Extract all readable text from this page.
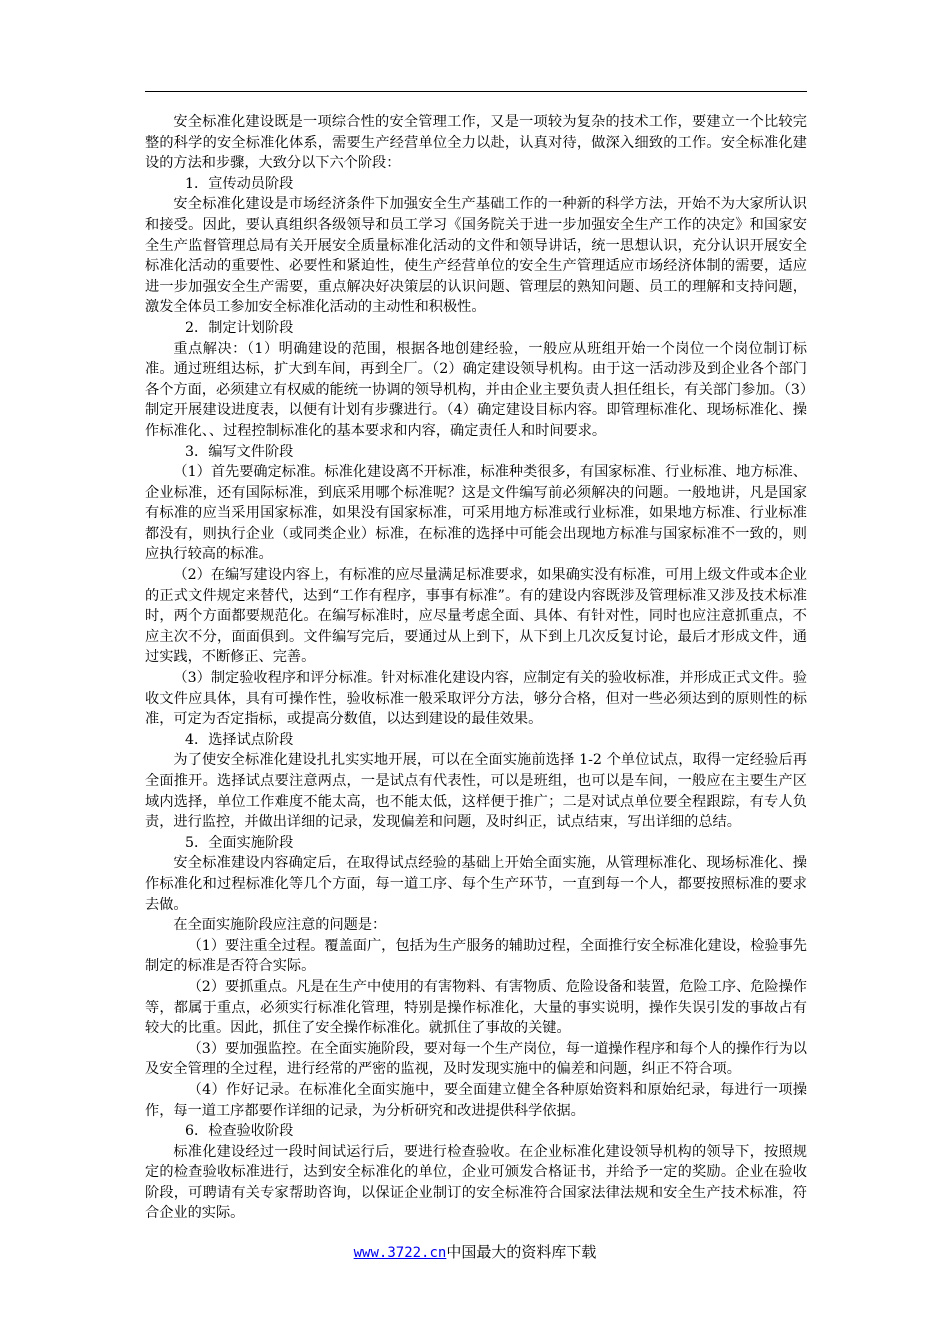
安全标准化建设既是一项综合性的安全管理工作，又是一项较为复杂的技术工作，要建立一个比较完整的科学的安全标准化体系，需要生产经营单位全力以赴，认真对待，做深入细致的工作。安全标准化建设的方法和步骤，大致分以下六个阶段：

1．宣传动员阶段

安全标准化建设是市场经济条件下加强安全生产基础工作的一种新的科学方法，开始不为大家所认识和接受。因此，要认真组织各级领导和员工学习《国务院关于进一步加强安全生产工作的决定》和国家安全生产监督管理总局有关开展安全质量标准化活动的文件和领导讲话，统一思想认识，充分认识开展安全标准化活动的重要性、必要性和紧迫性，使生产经营单位的安全生产管理适应市场经济体制的需要，适应进一步加强安全生产需要，重点解决好决策层的认识问题、管理层的熟知问题、员工的理解和支持问题，激发全体员工参加安全标准化活动的主动性和积极性。

2．制定计划阶段

重点解决：（1）明确建设的范围，根据各地创建经验，一般应从班组开始一个岗位一个岗位制订标准。通过班组达标，扩大到车间，再到全厂。（2）确定建设领导机构。由于这一活动涉及到企业各个部门各个方面，必须建立有权威的能统一协调的领导机构，并由企业主要负责人担任组长，有关部门参加。（3）制定开展建设进度表，以便有计划有步骤进行。（4）确定建设目标内容。即管理标准化、现场标准化、操作标准化、、过程控制标准化的基本要求和内容，确定责任人和时间要求。

3．编写文件阶段

（1）首先要确定标准。标准化建设离不开标准，标准种类很多，有国家标准、行业标准、地方标准、企业标准，还有国际标准，到底采用哪个标准呢？这是文件编写前必须解决的问题。一般地讲，凡是国家有标准的应当采用国家标准，如果没有国家标准，可采用地方标准或行业标准，如果地方标准、行业标准都没有，则执行企业（或同类企业）标准，在标准的选择中可能会出现地方标准与国家标准不一致的，则应执行较高的标准。

（2）在编写建设内容上，有标准的应尽量满足标准要求，如果确实没有标准，可用上级文件或本企业的正式文件规定来替代，达到“工作有程序，事事有标准”。有的建设内容既涉及管理标准又涉及技术标准时，两个方面都要规范化。在编写标准时，应尽量考虑全面、具体、有针对性，同时也应注意抓重点，不应主次不分，面面俱到。文件编写完后，要通过从上到下，从下到上几次反复讨论，最后才形成文件，通过实践，不断修正、完善。

（3）制定验收程序和评分标准。针对标准化建设内容，应制定有关的验收标准，并形成正式文件。验收文件应具体，具有可操作性，验收标准一般采取评分方法，够分合格，但对一些必须达到的原则性的标准，可定为否定指标，或提高分数值，以达到建设的最佳效果。

4．选择试点阶段

为了使安全标准化建设扎扎实实地开展，可以在全面实施前选择 1-2 个单位试点，取得一定经验后再全面推开。选择试点要注意两点，一是试点有代表性，可以是班组，也可以是车间，一般应在主要生产区域内选择，单位工作难度不能太高，也不能太低，这样便于推广；二是对试点单位要全程跟踪，有专人负责，进行监控，并做出详细的记录，发现偏差和问题，及时纠正，试点结束，写出详细的总结。

5．全面实施阶段

安全标准建设内容确定后，在取得试点经验的基础上开始全面实施，从管理标准化、现场标准化、操作标准化和过程标准化等几个方面，每一道工序、每个生产环节，一直到每一个人，都要按照标准的要求去做。

在全面实施阶段应注意的问题是：

（1）要注重全过程。覆盖面广，包括为生产服务的辅助过程，全面推行安全标准化建设，检验事先制定的标准是否符合实际。

（2）要抓重点。凡是在生产中使用的有害物料、有害物质、危险设备和装置，危险工序、危险操作等，都属于重点，必须实行标准化管理，特别是操作标准化，大量的事实说明，操作失误引发的事故占有较大的比重。因此，抓住了安全操作标准化。就抓住了事故的关键。

（3）要加强监控。在全面实施阶段，要对每一个生产岗位，每一道操作程序和每个人的操作行为以及安全管理的全过程，进行经常的严密的监视，及时发现实施中的偏差和问题，纠正不符合项。

（4）作好记录。在标准化全面实施中，要全面建立健全各种原始资料和原始纪录，每进行一项操作，每一道工序都要作详细的记录，为分析研究和改进提供科学依据。

6．检查验收阶段

标准化建设经过一段时间试运行后，要进行检查验收。在企业标准化建设领导机构的领导下，按照规定的检查验收标准进行，达到安全标准化的单位，企业可颁发合格证书，并给予一定的奖励。企业在验收阶段，可聘请有关专家帮助咨询，以保证企业制订的安全标准符合国家法律法规和安全生产技术标准，符合企业的实际。

www.3722.cn中国最大的资料库下载
